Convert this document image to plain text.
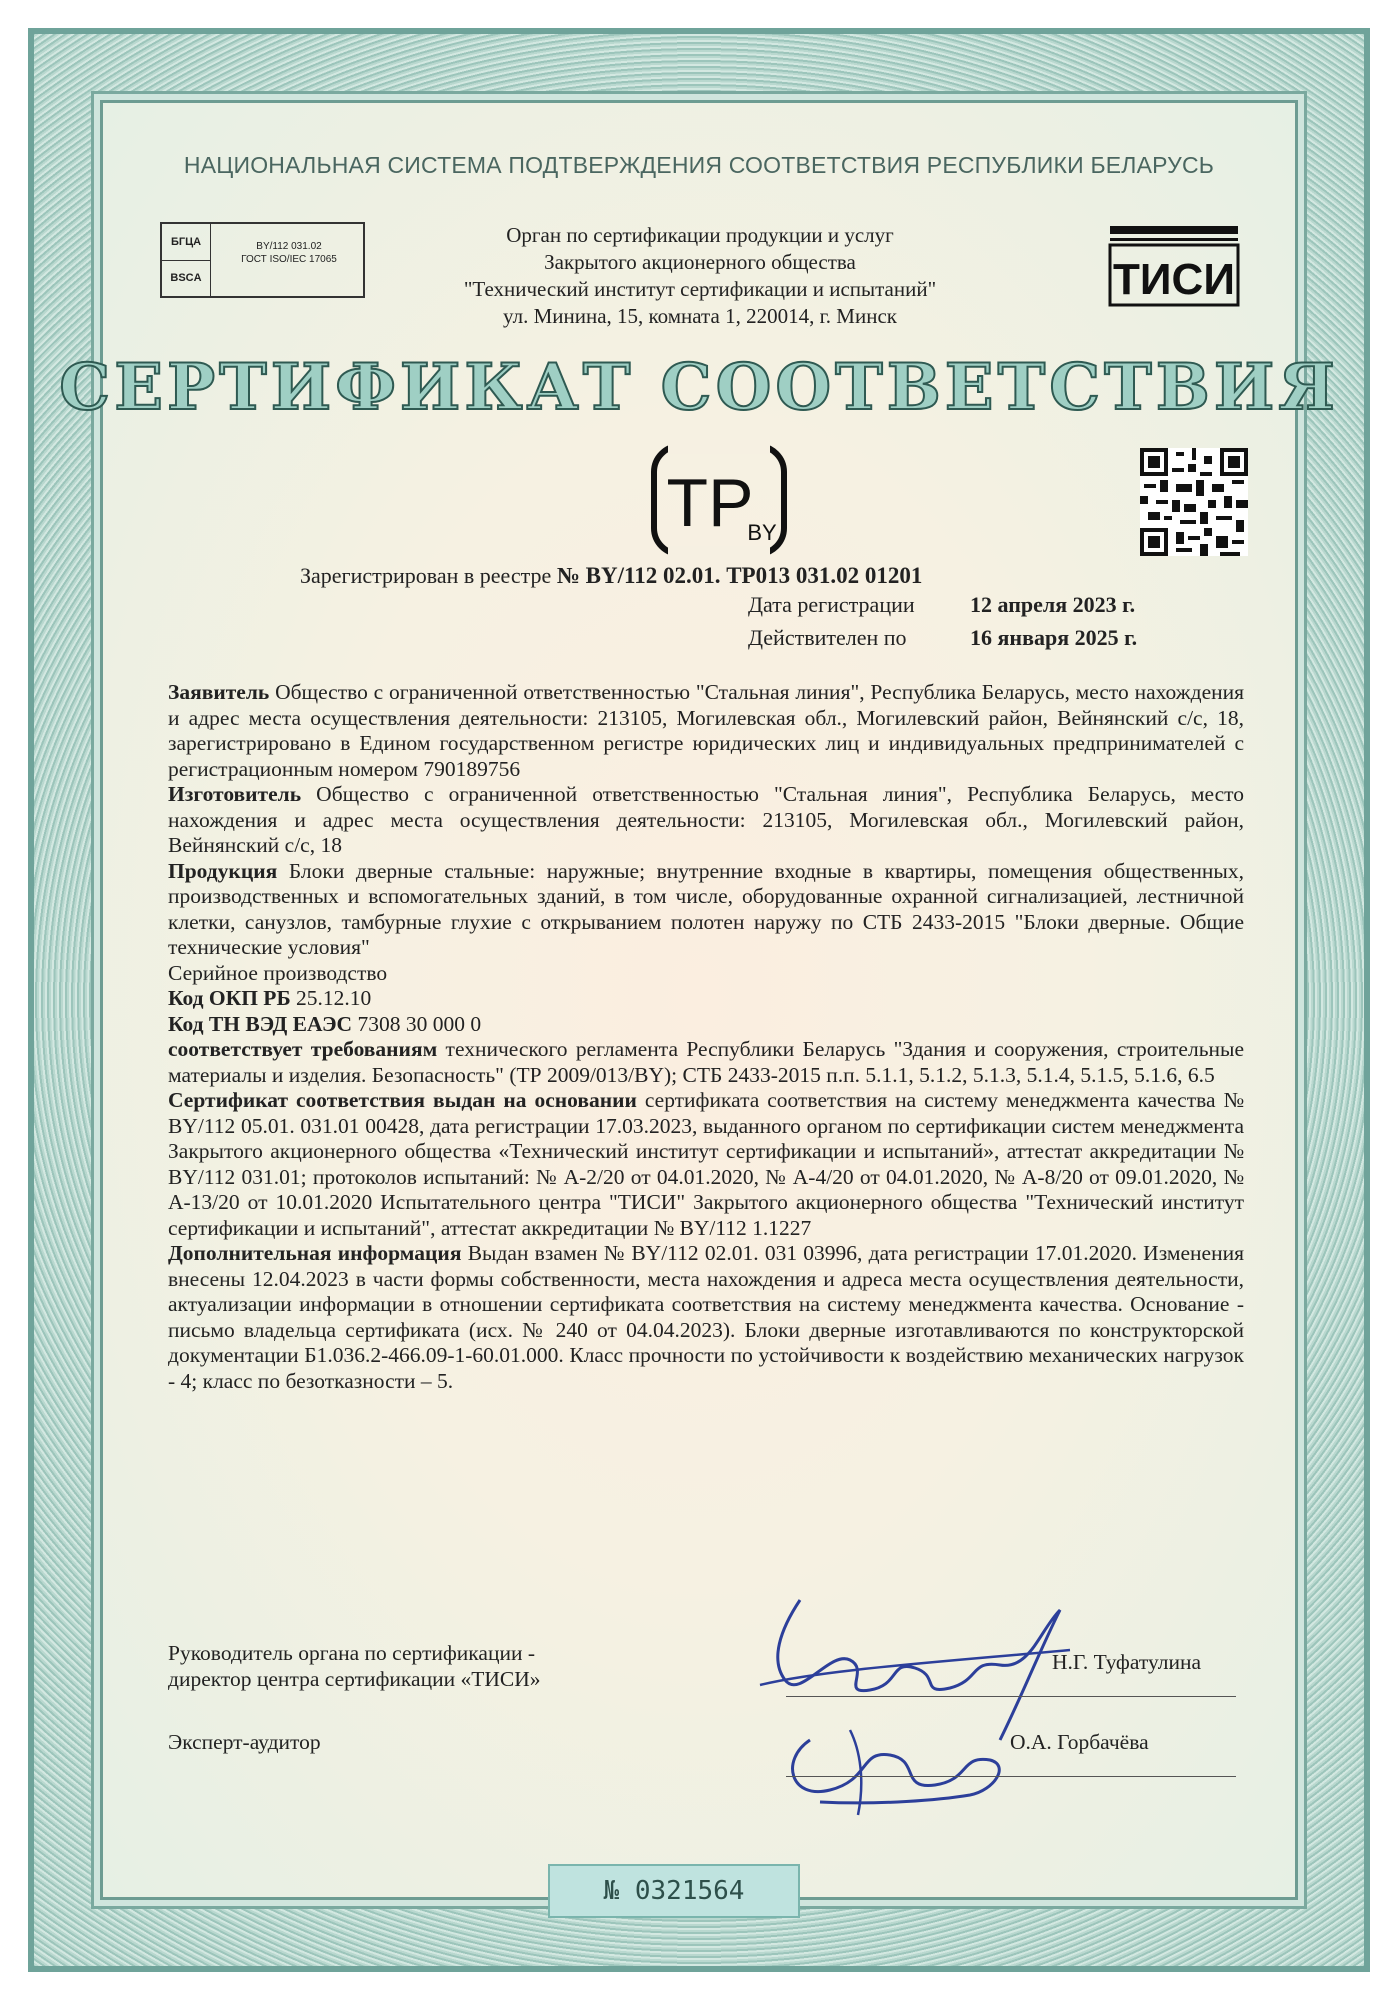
НАЦИОНАЛЬНАЯ СИСТЕМА ПОДТВЕРЖДЕНИЯ СООТВЕТСТВИЯ РЕСПУБЛИКИ БЕЛАРУСЬ
БГЦА
BSCA
BY/112 031.02
ГОСТ ISO/IEC 17065
Орган по сертификации продукции и услуг
Закрытого акционерного общества
"Технический институт сертификации и испытаний"
ул. Минина, 15, комната 1, 220014, г. Минск
ТИСИ
СЕРТИФИКАТ СООТВЕТСТВИЯ
TP
BY
Зарегистрирован в реестре № BY/112 02.01. ТР013 031.02 01201
Дата регистрации	12 апреля 2023 г.
Действителен по	16 января 2025 г.

Заявитель Общество с ограниченной ответственностью "Стальная линия", Республика Беларусь, место нахождения и адрес места осуществления деятельности: 213105, Могилевская обл., Могилевский район, Вейнянский с/с, 18, зарегистрировано в Едином государственном регистре юридических лиц и индивидуальных предпринимателей с регистрационным номером 790189756

Изготовитель Общество с ограниченной ответственностью "Стальная линия", Республика Беларусь, место нахождения и адрес места осуществления деятельности: 213105, Могилевская обл., Могилевский район, Вейнянский с/с, 18

Продукция Блоки дверные стальные: наружные; внутренние входные в квартиры, помещения общественных, производственных и вспомогательных зданий, в том числе, оборудованные охранной сигнализацией, лестничной клетки, санузлов, тамбурные глухие с открыванием полотен наружу по СТБ 2433-2015 "Блоки дверные. Общие технические условия"

Серийное производство

Код ОКП РБ 25.12.10

Код ТН ВЭД ЕАЭС 7308 30 000 0

соответствует требованиям технического регламента Республики Беларусь "Здания и сооружения, строительные материалы и изделия. Безопасность" (ТР 2009/013/BY); СТБ 2433-2015 п.п. 5.1.1, 5.1.2, 5.1.3, 5.1.4, 5.1.5, 5.1.6, 6.5

Сертификат соответствия выдан на основании сертификата соответствия на систему менеджмента качества № BY/112 05.01. 031.01 00428, дата регистрации 17.03.2023, выданного органом по сертификации систем менеджмента Закрытого акционерного общества «Технический институт сертификации и испытаний», аттестат аккредитации № BY/112 031.01; протоколов испытаний: № А-2/20 от 04.01.2020, № А-4/20 от 04.01.2020, № А-8/20 от 09.01.2020, № А-13/20 от 10.01.2020 Испытательного центра "ТИСИ" Закрытого акционерного общества "Технический институт сертификации и испытаний", аттестат аккредитации № BY/112 1.1227

Дополнительная информация Выдан взамен № BY/112 02.01. 031 03996, дата регистрации 17.01.2020. Изменения внесены 12.04.2023 в части формы собственности, места нахождения и адреса места осуществления деятельности, актуализации информации в отношении сертификата соответствия на систему менеджмента качества. Основание - письмо владельца сертификата (исх. № 240 от 04.04.2023). Блоки дверные изготавливаются по конструкторской документации Б1.036.2-466.09-1-60.01.000. Класс прочности по устойчивости к воздействию механических нагрузок - 4; класс по безотказности – 5.

Руководитель органа по сертификации -
директор центра сертификации «ТИСИ»
Н.Г. Туфатулина
Эксперт-аудитор	О.А. Горбачёва
№ 0321564
